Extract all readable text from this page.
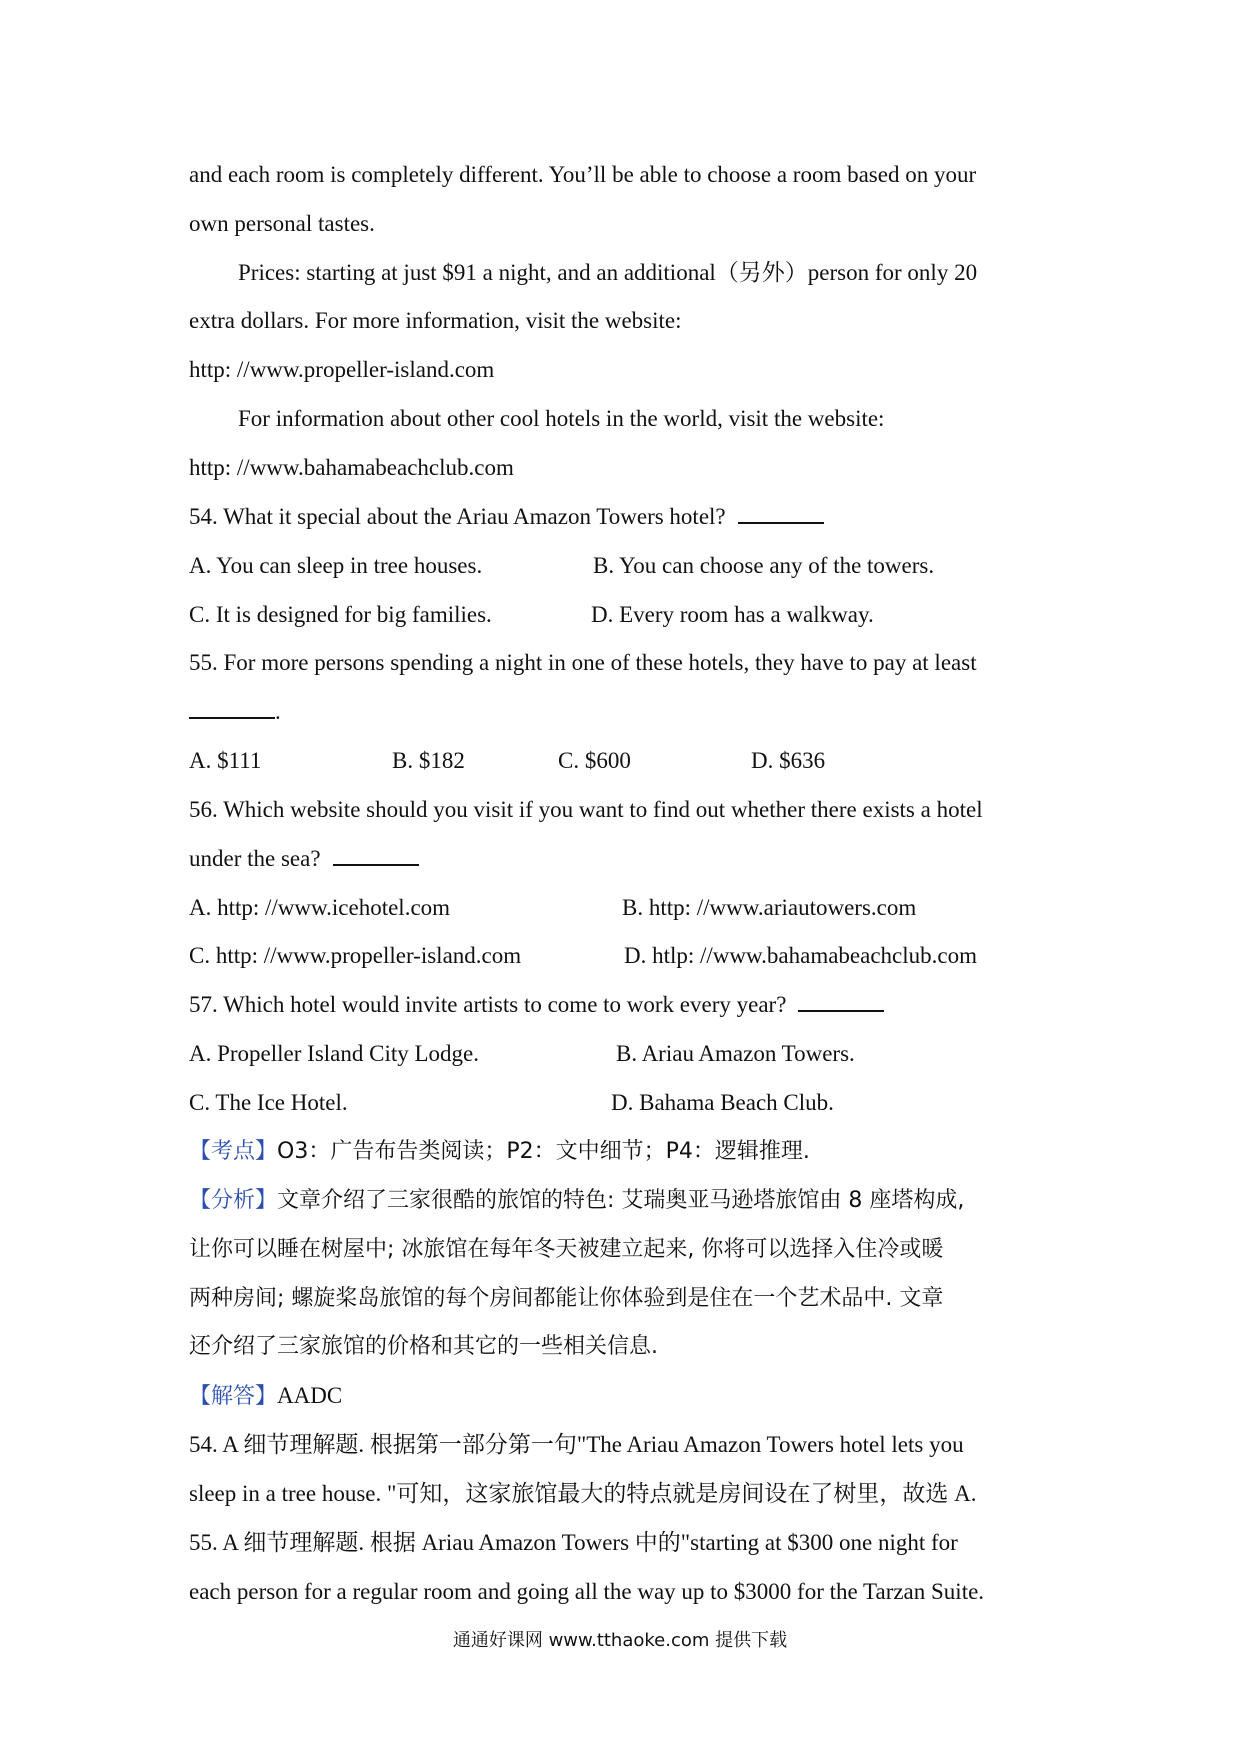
and each room is completely different. You’ll be able to choose a room based on your
own personal tastes.
Prices: starting at just $91 a night, and an additional（另外）person for only 20
extra dollars. For more information, visit the website:
http: //www.propeller-island.com
For information about other cool hotels in the world, visit the website:
http: //www.bahamabeachclub.com
54. What it special about the Ariau Amazon Towers hotel?
A. You can sleep in tree houses.	B. You can choose any of the towers.
C. It is designed for big families.	D. Every room has a walkway.
55. For more persons spending a night in one of these hotels, they have to pay at least
.
A. $111	B. $182	C. $600	D. $636
56. Which website should you visit if you want to find out whether there exists a hotel
under the sea?
A. http: //www.icehotel.com	B. http: //www.ariautowers.com
C. http: //www.propeller-island.com	D. htlp: //www.bahamabeachclub.com
57. Which hotel would invite artists to come to work every year?
A. Propeller Island City Lodge.	B. Ariau Amazon Towers.
C. The Ice Hotel.	D. Bahama Beach Club.
【考点】O3：广告布告类阅读；P2：文中细节；P4：逻辑推理.
【分析】文章介绍了三家很酷的旅馆的特色: 艾瑞奥亚马逊塔旅馆由 8 座塔构成,
让你可以睡在树屋中; 冰旅馆在每年冬天被建立起来, 你将可以选择入住冷或暖
两种房间; 螺旋桨岛旅馆的每个房间都能让你体验到是住在一个艺术品中. 文章
还介绍了三家旅馆的价格和其它的一些相关信息.
【解答】AADC
54. A 细节理解题. 根据第一部分第一句"The Ariau Amazon Towers hotel lets you
sleep in a tree house. "可知，这家旅馆最大的特点就是房间设在了树里，故选 A.
55. A 细节理解题. 根据 Ariau Amazon Towers 中的"starting at $300 one night for
each person for a regular room and going all the way up to $3000 for the Tarzan Suite.
通通好课网 www.tthaoke.com 提供下载
